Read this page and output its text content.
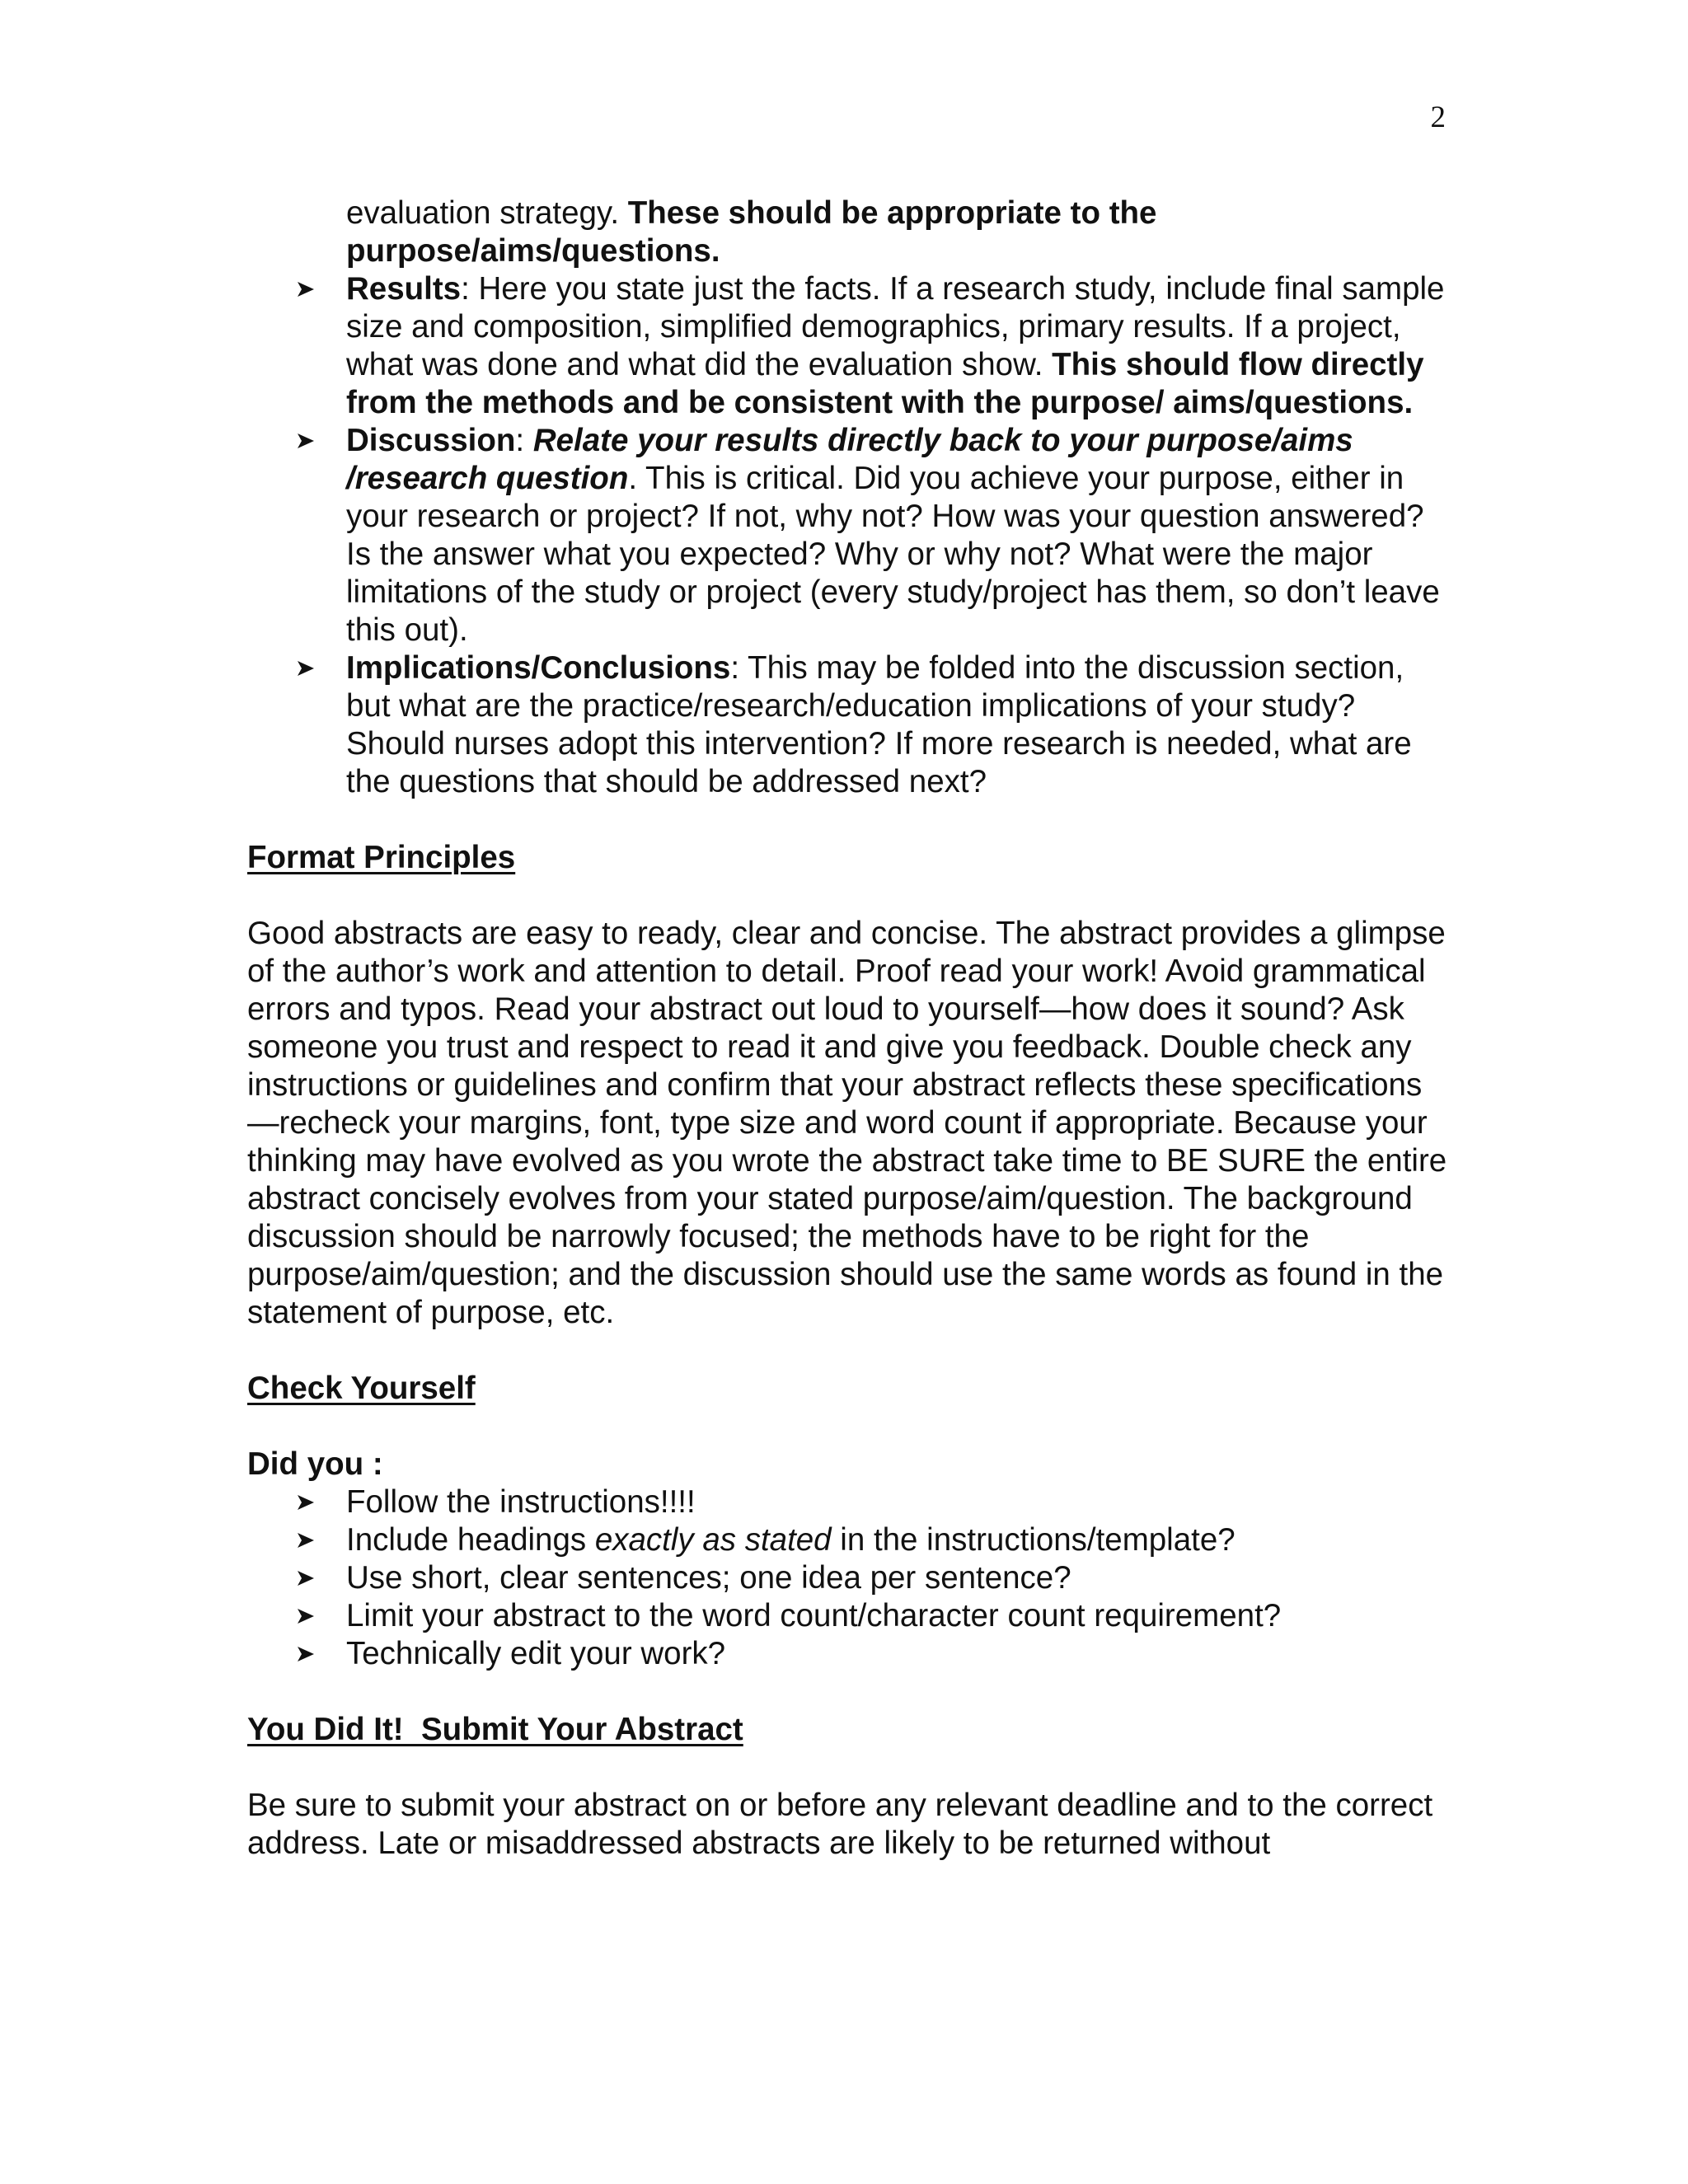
2

evaluation strategy. These should be appropriate to the purpose/aims/questions.

Results: Here you state just the facts. If a research study, include final sample size and composition, simplified demographics, primary results. If a project, what was done and what did the evaluation show. This should flow directly from the methods and be consistent with the purpose/ aims/questions.
Discussion: Relate your results directly back to your purpose/aims /research question. This is critical. Did you achieve your purpose, either in your research or project? If not, why not? How was your question answered? Is the answer what you expected? Why or why not? What were the major limitations of the study or project (every study/project has them, so don’t leave this out).
Implications/Conclusions: This may be folded into the discussion section, but what are the practice/research/education implications of your study? Should nurses adopt this intervention? If more research is needed, what are the questions that should be addressed next?

Format Principles

Good abstracts are easy to ready, clear and concise. The abstract provides a glimpse of the author’s work and attention to detail. Proof read your work! Avoid grammatical errors and typos. Read your abstract out loud to yourself—how does it sound? Ask someone you trust and respect to read it and give you feedback. Double check any instructions or guidelines and confirm that your abstract reflects these specifications—recheck your margins, font, type size and word count if appropriate. Because your thinking may have evolved as you wrote the abstract take time to BE SURE the entire abstract concisely evolves from your stated purpose/aim/question. The background discussion should be narrowly focused; the methods have to be right for the purpose/aim/question; and the discussion should use the same words as found in the statement of purpose, etc.

Check Yourself

Did you :

Follow the instructions!!!!
Include headings exactly as stated in the instructions/template?
Use short, clear sentences; one idea per sentence?
Limit your abstract to the word count/character count requirement?
Technically edit your work?

You Did It!  Submit Your Abstract

Be sure to submit your abstract on or before any relevant deadline and to the correct address. Late or misaddressed abstracts are likely to be returned without
